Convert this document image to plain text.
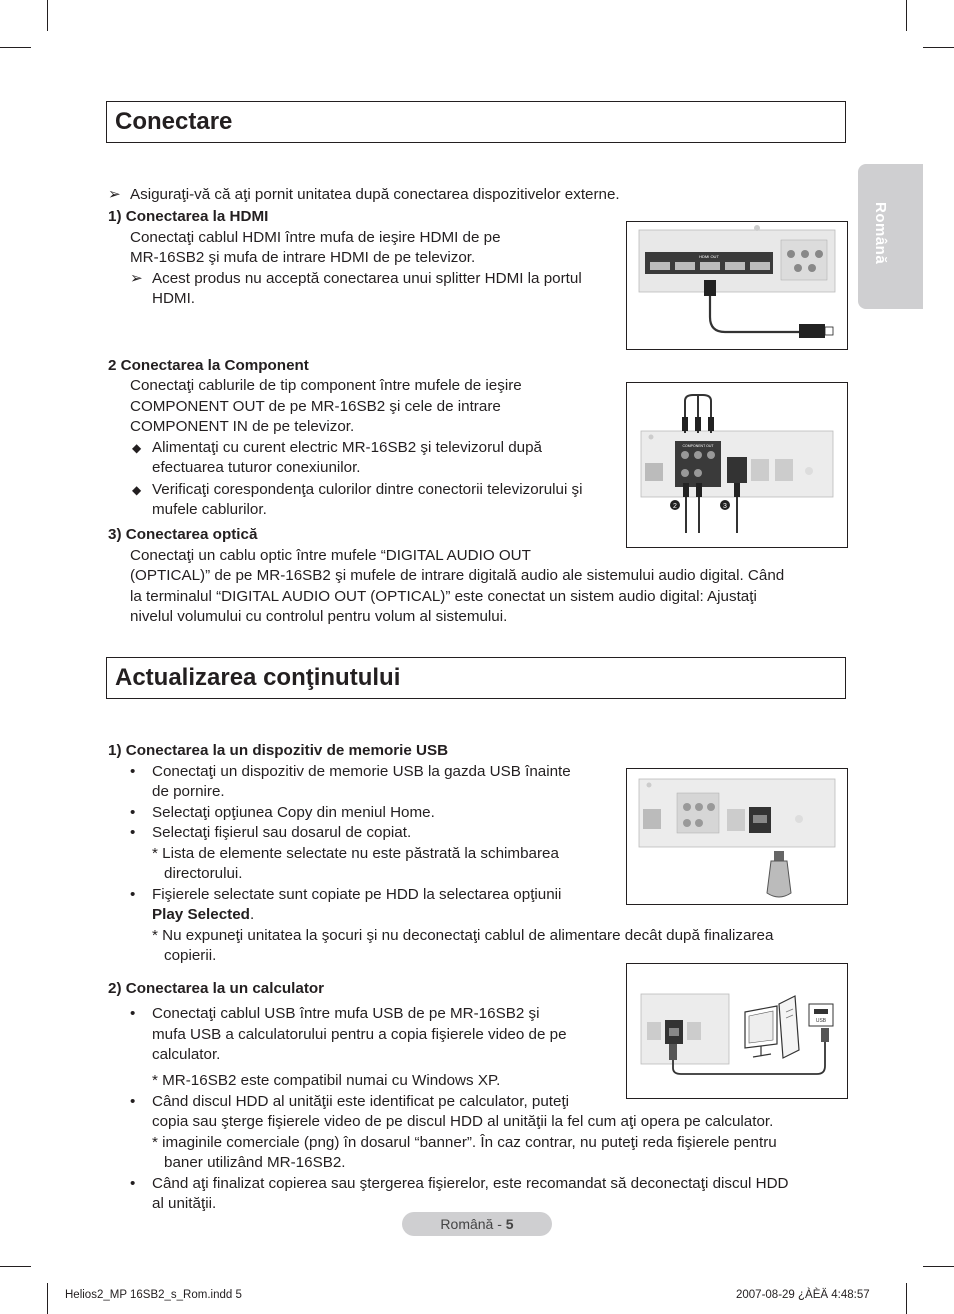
Română
Conectare
➢ Asiguraţi-vă că aţi pornit unitatea după conectarea dispozitivelor externe.
1) Conectarea la HDMI
Conectaţi cablul HDMI între mufa de ieşire HDMI de pe
MR-16SB2 şi mufa de intrare HDMI de pe televizor.
➢ Acest produs nu acceptă conectarea unui splitter HDMI la portul
HDMI.
HDMI OUT
2 Conectarea la Component
Conectaţi cablurile de tip component între mufele de ieşire
COMPONENT OUT de pe MR-16SB2 şi cele de intrare
COMPONENT IN de pe televizor.
◆ Alimentaţi cu curent electric MR-16SB2 şi televizorul după
efectuarea tuturor conexiunilor.
◆ Verificaţi corespondenţa culorilor dintre conectorii televizorului şi
mufele cablurilor.
COMPONENT OUT
2	3
3) Conectarea optică
Conectaţi un cablu optic între mufele “DIGITAL AUDIO OUT
(OPTICAL)” de pe MR-16SB2 şi mufele de intrare digitală audio ale sistemului audio digital. Când
la terminalul “DIGITAL AUDIO OUT (OPTICAL)” este conectat un sistem audio digital: Ajustaţi
nivelul volumului cu controlul pentru volum al sistemului.
Actualizarea conţinutului
1) Conectarea la un dispozitiv de memorie USB
• Conectaţi un dispozitiv de memorie USB la gazda USB înainte
de pornire.
• Selectaţi opţiunea Copy din meniul Home.
• Selectaţi fişierul sau dosarul de copiat.
* Lista de elemente selectate nu este păstrată la schimbarea
directorului.
• Fişierele selectate sunt copiate pe HDD la selectarea opţiunii
Play Selected.
* Nu expuneţi unitatea la şocuri şi nu deconectaţi cablul de alimentare decât după finalizarea
copierii.
2) Conectarea la un calculator
• Conectaţi cablul USB între mufa USB de pe MR-16SB2 şi
mufa USB a calculatorului pentru a copia fişierele video de pe
calculator.
* MR-16SB2 este compatibil numai cu Windows XP.
• Când discul HDD al unităţii este identificat pe calculator, puteţi
copia sau şterge fişierele video de pe discul HDD al unităţii la fel cum aţi opera pe calculator.
* imaginile comerciale (png) în dosarul “banner”. În caz contrar, nu puteţi reda fişierele pentru
baner utilizând MR-16SB2.
• Când aţi finalizat copierea sau ştergerea fişierelor, este recomandat să deconectaţi discul HDD
al unităţii.
USB
Română - 5
Helios2_MP 16SB2_s_Rom.indd 5	2007-08-29 ¿ÀÈÄ 4:48:57
